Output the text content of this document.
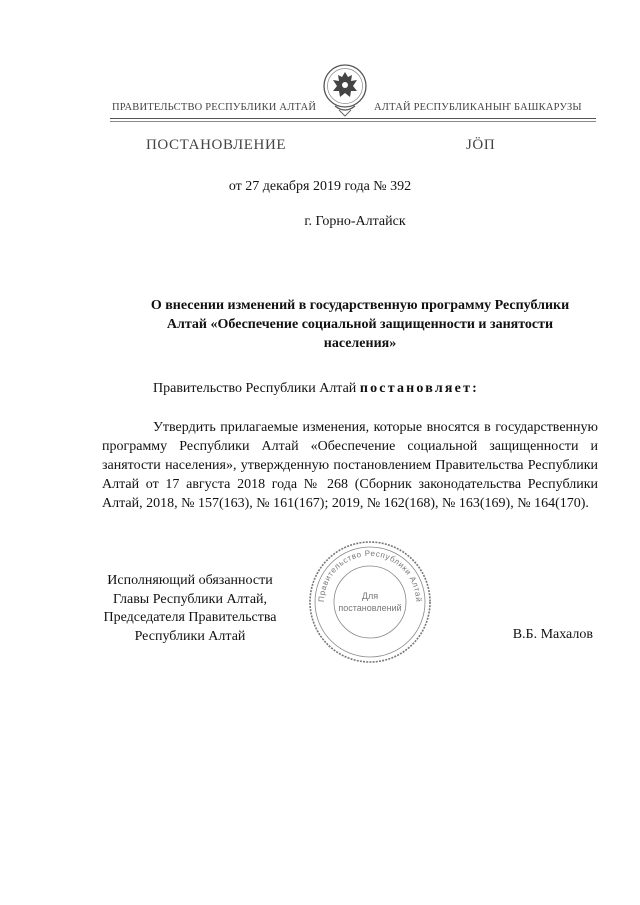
ПРАВИТЕЛЬСТВО РЕСПУБЛИКИ АЛТАЙ	АЛТАЙ РЕСПУБЛИКАНЫҤ БАШКАРУЗЫ
ПОСТАНОВЛЕНИЕ	ЈӦП
от 27 декабря 2019 года № 392
г. Горно-Алтайск
О внесении изменений в государственную программу Республики Алтай «Обеспечение социальной защищенности и занятости населения»
Правительство Республики Алтай постановляет:
Утвердить прилагаемые изменения, которые вносятся в государственную программу Республики Алтай «Обеспечение социальной защищенности и занятости населения», утвержденную постановлением Правительства Республики Алтай от 17 августа 2018 года № 268 (Сборник законодательства Республики Алтай, 2018, № 157(163), № 161(167); 2019, № 162(168), № 163(169), № 164(170).
Исполняющий обязанности
Главы Республики Алтай,
Председателя Правительства
Республики Алтай	В.Б. Махалов
Правительство Республики Алтай
Для
постановлений
